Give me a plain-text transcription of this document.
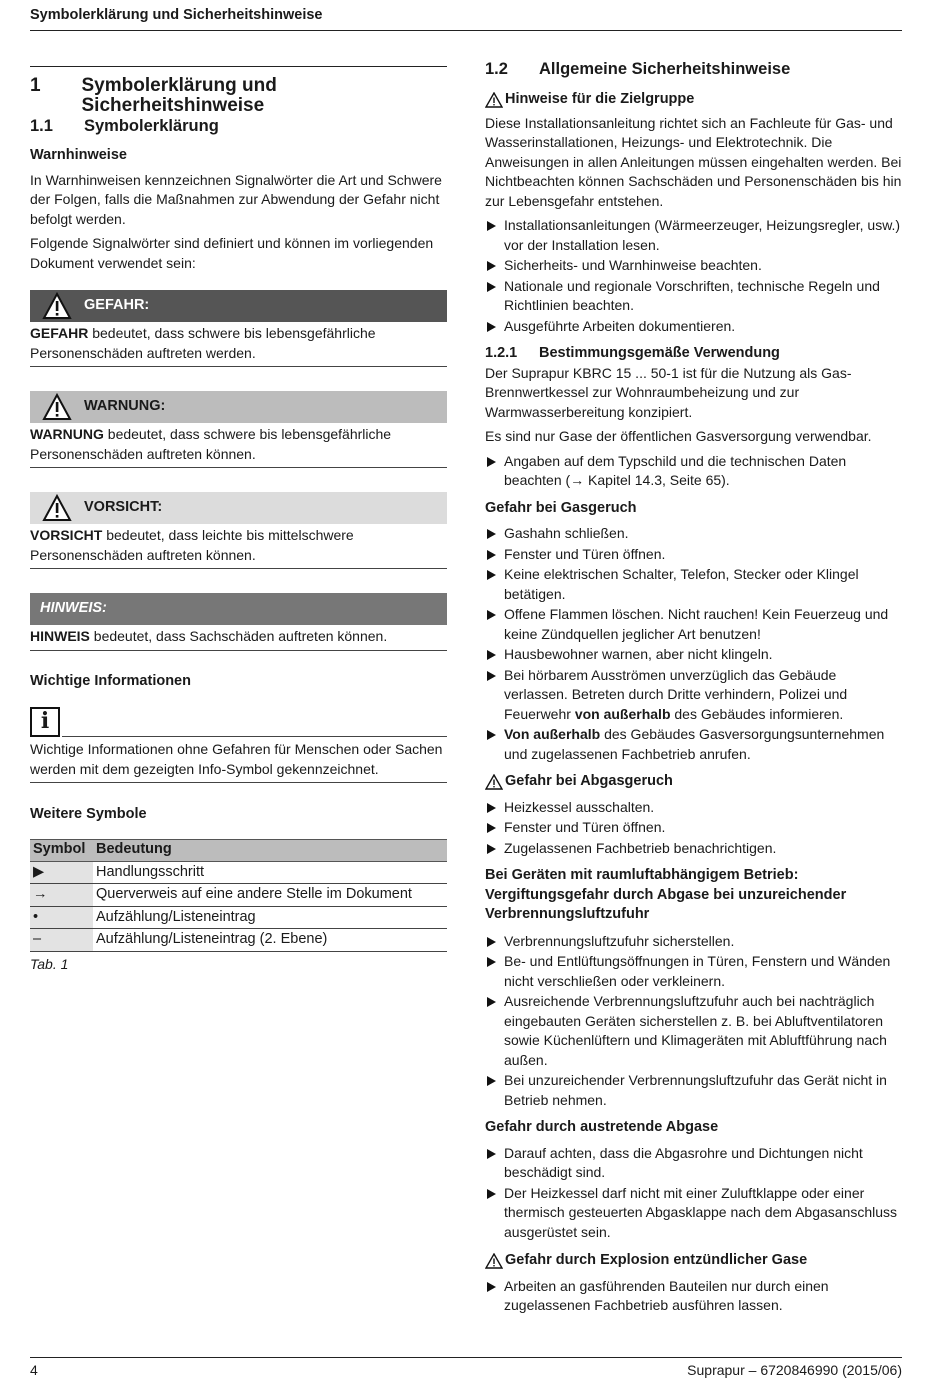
Symbolerklärung und Sicherheitshinweise
1	Symbolerklärung und Sicherheitshinweise
1.1	Symbolerklärung
Warnhinweise

In Warnhinweisen kennzeichnen Signalwörter die Art und Schwere der Folgen, falls die Maßnahmen zur Abwendung der Gefahr nicht befolgt werden.

Folgende Signalwörter sind definiert und können im vorliegenden Dokument verwendet sein:

GEFAHR:
GEFAHR bedeutet, dass schwere bis lebensgefährliche Personenschäden auftreten werden.
WARNUNG:
WARNUNG bedeutet, dass schwere bis lebensgefährliche Personenschäden auftreten können.
VORSICHT:
VORSICHT bedeutet, dass leichte bis mittelschwere Personenschäden auftreten können.
HINWEIS:
HINWEIS bedeutet, dass Sachschäden auftreten können.
Wichtige Informationen
i
Wichtige Informationen ohne Gefahren für Menschen oder Sachen werden mit dem gezeigten Info-Symbol gekennzeichnet.
Weitere Symbole
Symbol	Bedeutung
▶	Handlungsschritt
→	Querverweis auf eine andere Stelle im Dokument
•	Aufzählung/Listeneintrag
–	Aufzählung/Listeneintrag (2. Ebene)
Tab. 1
1.2	Allgemeine Sicherheitshinweise
Hinweise für die Zielgruppe

Diese Installationsanleitung richtet sich an Fachleute für Gas- und Wasserinstallationen, Heizungs- und Elektrotechnik. Die Anweisungen in allen Anleitungen müssen eingehalten werden. Bei Nichtbeachten können Sachschäden und Personenschäden bis hin zur Lebensgefahr entstehen.

Installationsanleitungen (Wärmeerzeuger, Heizungsregler, usw.) vor der Installation lesen.
Sicherheits- und Warnhinweise beachten.
Nationale und regionale Vorschriften, technische Regeln und Richtlinien beachten.
Ausgeführte Arbeiten dokumentieren.
1.2.1	Bestimmungsgemäße Verwendung

Der Suprapur KBRC 15 ... 50-1 ist für die Nutzung als Gas-Brennwertkessel zur Wohnraumbeheizung und zur Warmwasserbereitung konzipiert.

Es sind nur Gase der öffentlichen Gasversorgung verwendbar.

Angaben auf dem Typschild und die technischen Daten beachten (→ Kapitel 14.3, Seite 65).
Gefahr bei Gasgeruch
Gashahn schließen.
Fenster und Türen öffnen.
Keine elektrischen Schalter, Telefon, Stecker oder Klingel betätigen.
Offene Flammen löschen. Nicht rauchen! Kein Feuerzeug und keine Zündquellen jeglicher Art benutzen!
Hausbewohner warnen, aber nicht klingeln.
Bei hörbarem Ausströmen unverzüglich das Gebäude verlassen. Betreten durch Dritte verhindern, Polizei und Feuerwehr von außerhalb des Gebäudes informieren.
Von außerhalb des Gebäudes Gasversorgungsunternehmen und zugelassenen Fachbetrieb anrufen.
Gefahr bei Abgasgeruch
Heizkessel ausschalten.
Fenster und Türen öffnen.
Zugelassenen Fachbetrieb benachrichtigen.
Bei Geräten mit raumluftabhängigem Betrieb:
Vergiftungsgefahr durch Abgase bei unzureichender Verbrennungsluftzufuhr
Verbrennungsluftzufuhr sicherstellen.
Be- und Entlüftungsöffnungen in Türen, Fenstern und Wänden nicht verschließen oder verkleinern.
Ausreichende Verbrennungsluftzufuhr auch bei nachträglich eingebauten Geräten sicherstellen z. B. bei Abluftventilatoren sowie Küchenlüftern und Klimageräten mit Abluftführung nach außen.
Bei unzureichender Verbrennungsluftzufuhr das Gerät nicht in Betrieb nehmen.
Gefahr durch austretende Abgase
Darauf achten, dass die Abgasrohre und Dichtungen nicht beschädigt sind.
Der Heizkessel darf nicht mit einer Zuluftklappe oder einer thermisch gesteuerten Abgasklappe nach dem Abgasanschluss ausgerüstet sein.
Gefahr durch Explosion entzündlicher Gase
Arbeiten an gasführenden Bauteilen nur durch einen zugelassenen Fachbetrieb ausführen lassen.
4	Suprapur – 6720846990 (2015/06)
